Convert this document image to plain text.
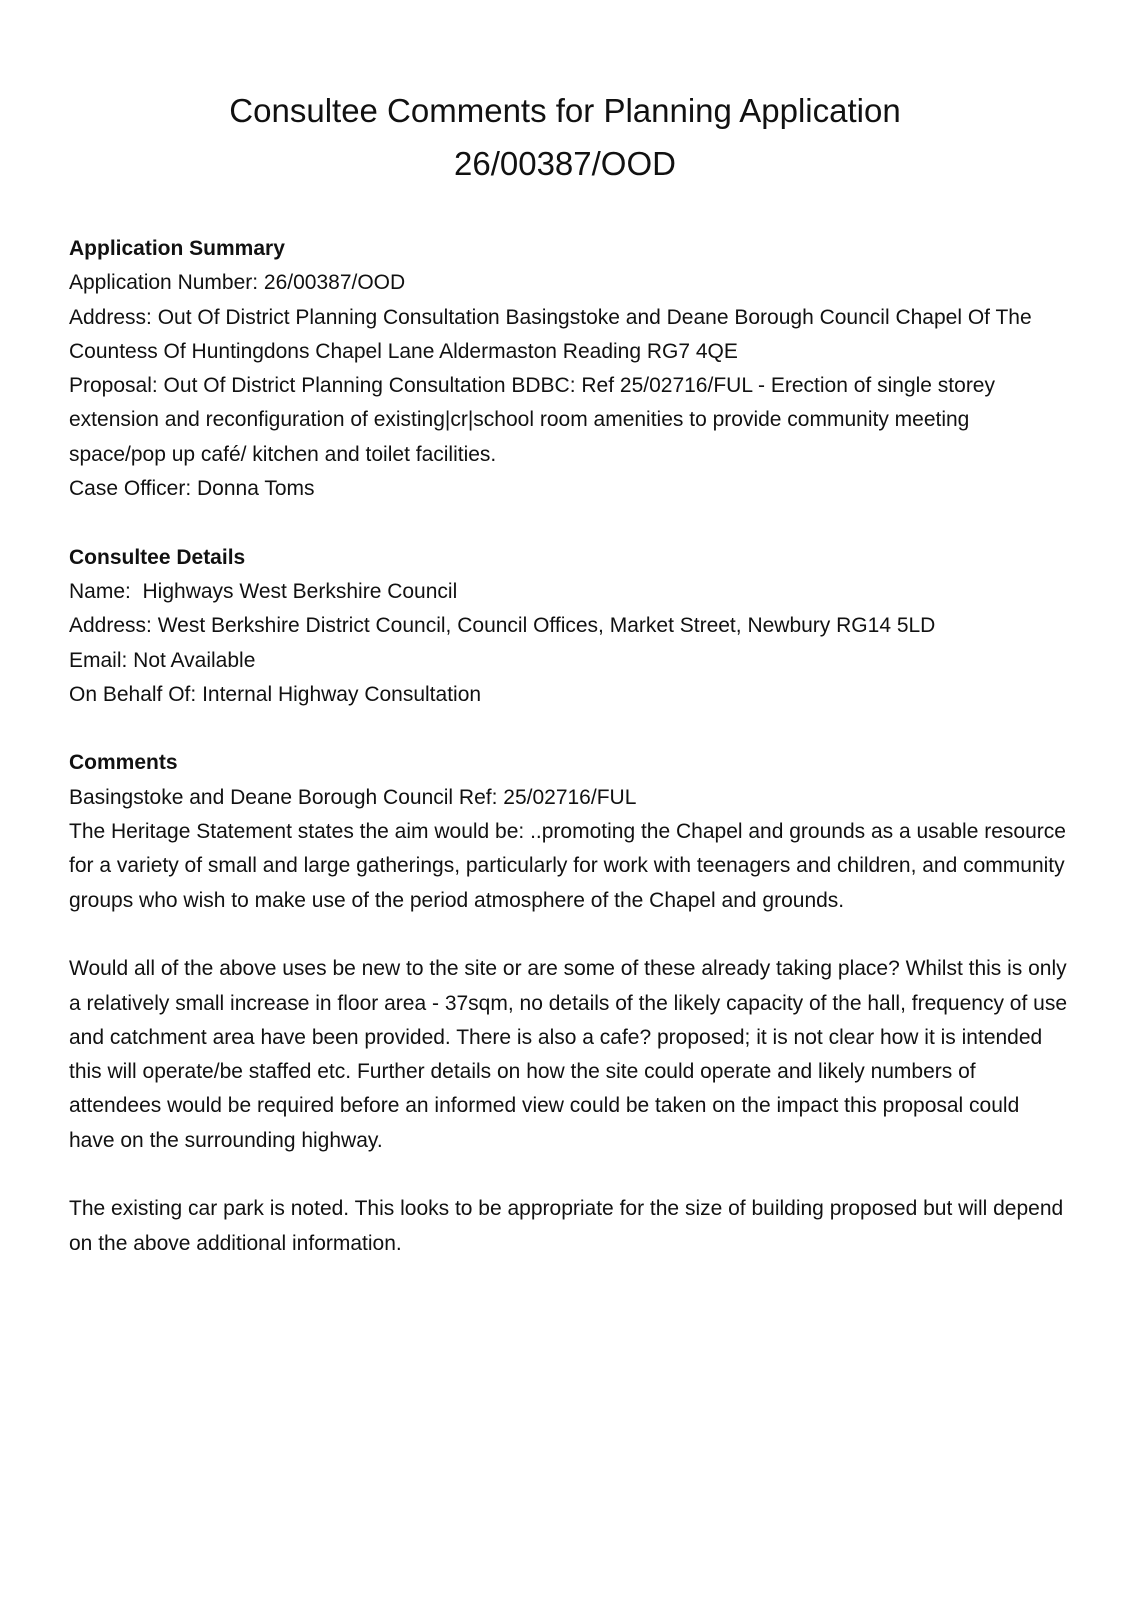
Consultee Comments for Planning Application
26/00387/OOD

Application Summary

Application Number: 26/00387/OOD

Address: Out Of District Planning Consultation Basingstoke and Deane Borough Council Chapel Of The Countess Of Huntingdons Chapel Lane Aldermaston Reading RG7 4QE

Proposal: Out Of District Planning Consultation BDBC: Ref 25/02716/FUL - Erection of single storey extension and reconfiguration of existing|cr|school room amenities to provide community meeting space/pop up café/ kitchen and toilet facilities.

Case Officer: Donna Toms

Consultee Details

Name:  Highways West Berkshire Council

Address: West Berkshire District Council, Council Offices, Market Street, Newbury RG14 5LD

Email: Not Available

On Behalf Of: Internal Highway Consultation

Comments

Basingstoke and Deane Borough Council Ref: 25/02716/FUL
The Heritage Statement states the aim would be: ..promoting the Chapel and grounds as a usable resource for a variety of small and large gatherings, particularly for work with teenagers and children, and community groups who wish to make use of the period atmosphere of the Chapel and grounds.

Would all of the above uses be new to the site or are some of these already taking place? Whilst this is only a relatively small increase in floor area - 37sqm, no details of the likely capacity of the hall, frequency of use and catchment area have been provided. There is also a cafe? proposed; it is not clear how it is intended this will operate/be staffed etc. Further details on how the site could operate and likely numbers of attendees would be required before an informed view could be taken on the impact this proposal could have on the surrounding highway.

The existing car park is noted. This looks to be appropriate for the size of building proposed but will depend on the above additional information.
